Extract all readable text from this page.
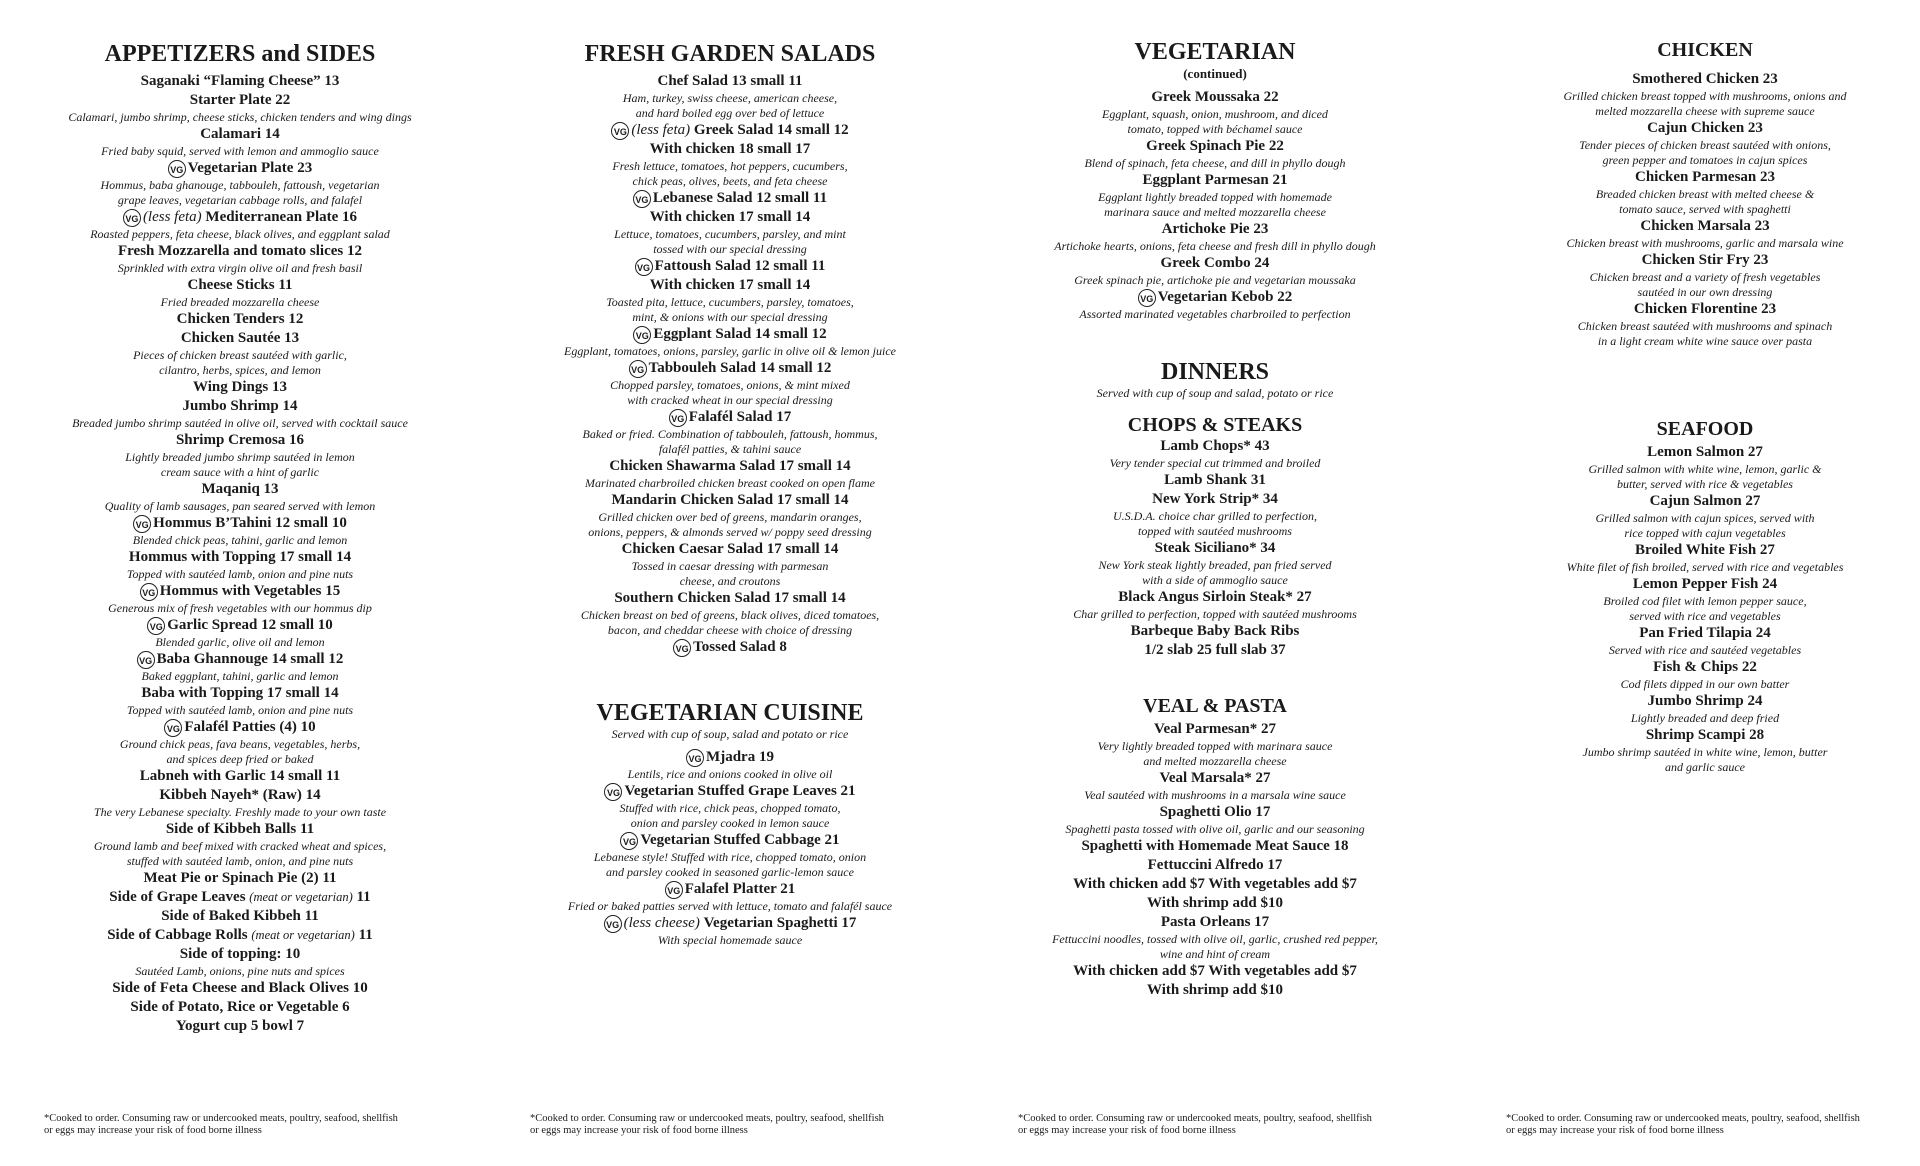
APPETIZERS and SIDES
Saganaki “Flaming Cheese” 13
Starter Plate 22
Calamari, jumbo shrimp, cheese sticks, chicken tenders and wing dings
Calamari 14
Fried baby squid, served with lemon and ammoglio sauce
VG Vegetarian Plate 23
Hommus, baba ghanouge, tabbouleh, fattoush, vegetarian
grape leaves, vegetarian cabbage rolls, and falafel
VG (less feta) Mediterranean Plate 16
Roasted peppers, feta cheese, black olives, and eggplant salad
Fresh Mozzarella and tomato slices 12
Sprinkled with extra virgin olive oil and fresh basil
Cheese Sticks 11
Fried breaded mozzarella cheese
Chicken Tenders 12
Chicken Sautée 13
Pieces of chicken breast sautéed with garlic,
cilantro, herbs, spices, and lemon
Wing Dings 13
Jumbo Shrimp 14
Breaded jumbo shrimp sautéed in olive oil, served with cocktail sauce
Shrimp Cremosa 16
Lightly breaded jumbo shrimp sautéed in lemon
cream sauce with a hint of garlic
Maqaniq 13
Quality of lamb sausages, pan seared served with lemon
VG Hommus B’Tahini 12 small 10
Blended chick peas, tahini, garlic and lemon
Hommus with Topping 17 small 14
Topped with sautéed lamb, onion and pine nuts
VG Hommus with Vegetables 15
Generous mix of fresh vegetables with our hommus dip
VG Garlic Spread 12 small 10
Blended garlic, olive oil and lemon
VG Baba Ghannouge 14 small 12
Baked eggplant, tahini, garlic and lemon
Baba with Topping 17 small 14
Topped with sautéed lamb, onion and pine nuts
VG Falafél Patties (4) 10
Ground chick peas, fava beans, vegetables, herbs,
and spices deep fried or baked
Labneh with Garlic 14 small 11
Kibbeh Nayeh* (Raw) 14
The very Lebanese specialty. Freshly made to your own taste
Side of Kibbeh Balls 11
Ground lamb and beef mixed with cracked wheat and spices,
stuffed with sautéed lamb, onion, and pine nuts
Meat Pie or Spinach Pie (2) 11
Side of Grape Leaves (meat or vegetarian) 11
Side of Baked Kibbeh 11
Side of Cabbage Rolls (meat or vegetarian) 11
Side of topping: 10
Sautéed Lamb, onions, pine nuts and spices
Side of Feta Cheese and Black Olives 10
Side of Potato, Rice or Vegetable 6
Yogurt cup 5 bowl 7
FRESH GARDEN SALADS
Chef Salad 13 small 11
Ham, turkey, swiss cheese, american cheese,
and hard boiled egg over bed of lettuce
VG (less feta) Greek Salad 14 small 12
With chicken 18 small 17
Fresh lettuce, tomatoes, hot peppers, cucumbers,
chick peas, olives, beets, and feta cheese
VG Lebanese Salad 12 small 11
With chicken 17 small 14
Lettuce, tomatoes, cucumbers, parsley, and mint
tossed with our special dressing
VG Fattoush Salad 12 small 11
With chicken 17 small 14
Toasted pita, lettuce, cucumbers, parsley, tomatoes,
mint, & onions with our special dressing
VG Eggplant Salad 14 small 12
Eggplant, tomatoes, onions, parsley, garlic in olive oil & lemon juice
VG Tabbouleh Salad 14 small 12
Chopped parsley, tomatoes, onions, & mint mixed
with cracked wheat in our special dressing
VG Falafél Salad 17
Baked or fried. Combination of tabbouleh, fattoush, hommus,
falafél patties, & tahini sauce
Chicken Shawarma Salad 17 small 14
Marinated charbroiled chicken breast cooked on open flame
Mandarin Chicken Salad 17 small 14
Grilled chicken over bed of greens, mandarin oranges,
onions, peppers, & almonds served w/ poppy seed dressing
Chicken Caesar Salad 17 small 14
Tossed in caesar dressing with parmesan
cheese, and croutons
Southern Chicken Salad 17 small 14
Chicken breast on bed of greens, black olives, diced tomatoes,
bacon, and cheddar cheese with choice of dressing
VG Tossed Salad 8
VEGETARIAN CUISINE
Served with cup of soup, salad and potato or rice
VG Mjadra 19
Lentils, rice and onions cooked in olive oil
VG Vegetarian Stuffed Grape Leaves 21
Stuffed with rice, chick peas, chopped tomato,
onion and parsley cooked in lemon sauce
VG Vegetarian Stuffed Cabbage 21
Lebanese style! Stuffed with rice, chopped tomato, onion
and parsley cooked in seasoned garlic-lemon sauce
VG Falafel Platter 21
Fried or baked patties served with lettuce, tomato and falafél sauce
VG (less cheese) Vegetarian Spaghetti 17
With special homemade sauce
VEGETARIAN
(continued)
Greek Moussaka 22
Eggplant, squash, onion, mushroom, and diced
tomato, topped with béchamel sauce
Greek Spinach Pie 22
Blend of spinach, feta cheese, and dill in phyllo dough
Eggplant Parmesan 21
Eggplant lightly breaded topped with homemade
marinara sauce and melted mozzarella cheese
Artichoke Pie 23
Artichoke hearts, onions, feta cheese and fresh dill in phyllo dough
Greek Combo 24
Greek spinach pie, artichoke pie and vegetarian moussaka
VG Vegetarian Kebob 22
Assorted marinated vegetables charbroiled to perfection
DINNERS
Served with cup of soup and salad, potato or rice
CHOPS & STEAKS
Lamb Chops* 43
Very tender special cut trimmed and broiled
Lamb Shank 31
New York Strip* 34
U.S.D.A. choice char grilled to perfection,
topped with sautéed mushrooms
Steak Siciliano* 34
New York steak lightly breaded, pan fried served
with a side of ammoglio sauce
Black Angus Sirloin Steak* 27
Char grilled to perfection, topped with sautéed mushrooms
Barbeque Baby Back Ribs
1/2 slab 25 full slab 37
VEAL & PASTA
Veal Parmesan* 27
Very lightly breaded topped with marinara sauce
and melted mozzarella cheese
Veal Marsala* 27
Veal sautéed with mushrooms in a marsala wine sauce
Spaghetti Olio 17
Spaghetti pasta tossed with olive oil, garlic and our seasoning
Spaghetti with Homemade Meat Sauce 18
Fettuccini Alfredo 17
With chicken add $7 With vegetables add $7
With shrimp add $10
Pasta Orleans 17
Fettuccini noodles, tossed with olive oil, garlic, crushed red pepper,
wine and hint of cream
With chicken add $7 With vegetables add $7
With shrimp add $10
CHICKEN
Smothered Chicken 23
Grilled chicken breast topped with mushrooms, onions and
melted mozzarella cheese with supreme sauce
Cajun Chicken 23
Tender pieces of chicken breast sautéed with onions,
green pepper and tomatoes in cajun spices
Chicken Parmesan 23
Breaded chicken breast with melted cheese &
tomato sauce, served with spaghetti
Chicken Marsala 23
Chicken breast with mushrooms, garlic and marsala wine
Chicken Stir Fry 23
Chicken breast and a variety of fresh vegetables
sautéed in our own dressing
Chicken Florentine 23
Chicken breast sautéed with mushrooms and spinach
in a light cream white wine sauce over pasta
SEAFOOD
Lemon Salmon 27
Grilled salmon with white wine, lemon, garlic &
butter, served with rice & vegetables
Cajun Salmon 27
Grilled salmon with cajun spices, served with
rice topped with cajun vegetables
Broiled White Fish 27
White filet of fish broiled, served with rice and vegetables
Lemon Pepper Fish 24
Broiled cod filet with lemon pepper sauce,
served with rice and vegetables
Pan Fried Tilapia 24
Served with rice and sautéed vegetables
Fish & Chips 22
Cod filets dipped in our own batter
Jumbo Shrimp 24
Lightly breaded and deep fried
Shrimp Scampi 28
Jumbo shrimp sautéed in white wine, lemon, butter
and garlic sauce
*Cooked to order. Consuming raw or undercooked meats, poultry, seafood, shellfish
or eggs may increase your risk of food borne illness
*Cooked to order. Consuming raw or undercooked meats, poultry, seafood, shellfish
or eggs may increase your risk of food borne illness
*Cooked to order. Consuming raw or undercooked meats, poultry, seafood, shellfish
or eggs may increase your risk of food borne illness
*Cooked to order. Consuming raw or undercooked meats, poultry, seafood, shellfish
or eggs may increase your risk of food borne illness
